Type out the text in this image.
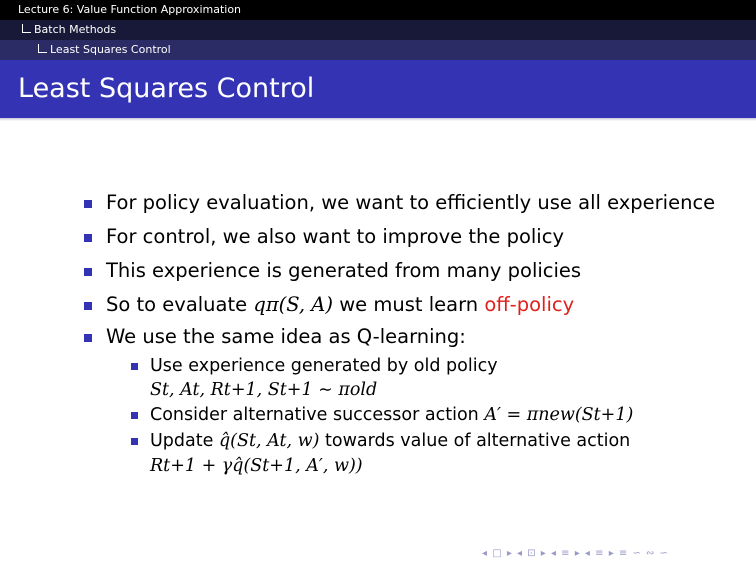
Lecture 6: Value Function Approximation
Batch Methods
Least Squares Control
Least Squares Control
For policy evaluation, we want to efficiently use all experience
For control, we also want to improve the policy
This experience is generated from many policies
So to evaluate qπ(S, A) we must learn off-policy
We use the same idea as Q-learning:
Use experience generated by old policy
St, At, Rt+1, St+1 ∼ πold
Consider alternative successor action A′ = πnew(St+1)
Update q̂(St, At, w) towards value of alternative action
Rt+1 + γq̂(St+1, A′, w))
◂ □ ▸ ◂ ⊡ ▸ ◂ ≡ ▸ ◂ ≡ ▸ ≡ ∽ ∾ ∽
